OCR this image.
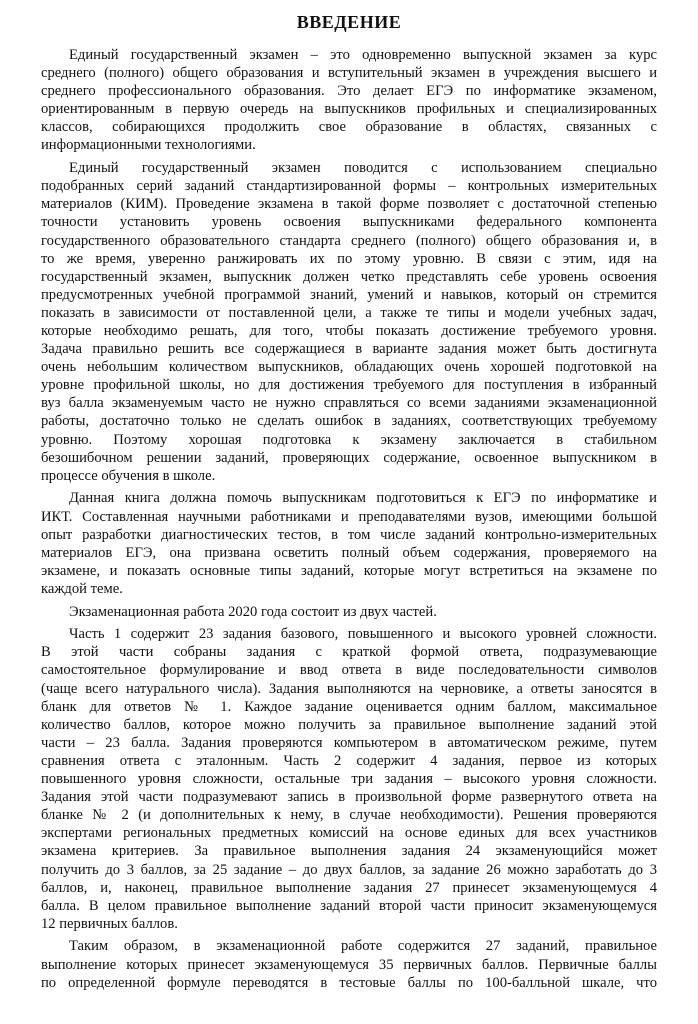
ВВЕДЕНИЕ
Единый государственный экзамен – это одновременно выпускной экзамен за курс
среднего (полного) общего образования и вступительный экзамен в учреждения высшего и
среднего профессионального образования. Это делает ЕГЭ по информатике экзаменом,
ориентированным в первую очередь на выпускников профильных и специализированных
классов, собирающихся продолжить свое образование в областях, связанных с
информационными технологиями.
Единый государственный экзамен поводится с использованием специально
подобранных серий заданий стандартизированной формы – контрольных измерительных
материалов (КИМ). Проведение экзамена в такой форме позволяет с достаточной степенью
точности установить уровень освоения выпускниками федерального компонента
государственного образовательного стандарта среднего (полного) общего образования и, в
то же время, уверенно ранжировать их по этому уровню. В связи с этим, идя на
государственный экзамен, выпускник должен четко представлять себе уровень освоения
предусмотренных учебной программой знаний, умений и навыков, который он стремится
показать в зависимости от поставленной цели, а также те типы и модели учебных задач,
которые необходимо решать, для того, чтобы показать достижение требуемого уровня.
Задача правильно решить все содержащиеся в варианте задания может быть достигнута
очень небольшим количеством выпускников, обладающих очень хорошей подготовкой на
уровне профильной школы, но для достижения требуемого для поступления в избранный
вуз балла экзаменуемым часто не нужно справляться со всеми заданиями экзаменационной
работы, достаточно только не сделать ошибок в заданиях, соответствующих требуемому
уровню. Поэтому хорошая подготовка к экзамену заключается в стабильном
безошибочном решении заданий, проверяющих содержание, освоенное выпускником в
процессе обучения в школе.
Данная книга должна помочь выпускникам подготовиться к ЕГЭ по информатике и
ИКТ. Составленная научными работниками и преподавателями вузов, имеющими большой
опыт разработки диагностических тестов, в том числе заданий контрольно-измерительных
материалов ЕГЭ, она призвана осветить полный объем содержания, проверяемого на
экзамене, и показать основные типы заданий, которые могут встретиться на экзамене по
каждой теме.
Экзаменационная работа 2020 года состоит из двух частей.
Часть 1 содержит 23 задания базового, повышенного и высокого уровней сложности.
В этой части собраны задания с краткой формой ответа, подразумевающие
самостоятельное формулирование и ввод ответа в виде последовательности символов
(чаще всего натурального числа). Задания выполняются на черновике, а ответы заносятся в
бланк для ответов № 1. Каждое задание оценивается одним баллом, максимальное
количество баллов, которое можно получить за правильное выполнение заданий этой
части – 23 балла. Задания проверяются компьютером в автоматическом режиме, путем
сравнения ответа с эталонным. Часть 2 содержит 4 задания, первое из которых
повышенного уровня сложности, остальные три задания – высокого уровня сложности.
Задания этой части подразумевают запись в произвольной форме развернутого ответа на
бланке № 2 (и дополнительных к нему, в случае необходимости). Решения проверяются
экспертами региональных предметных комиссий на основе единых для всех участников
экзамена критериев. За правильное выполнения задания 24 экзаменующийся может
получить до 3 баллов, за 25 задание – до двух баллов, за задание 26 можно заработать до 3
баллов, и, наконец, правильное выполнение задания 27 принесет экзаменующемуся 4
балла. В целом правильное выполнение заданий второй части приносит экзаменующемуся
12 первичных баллов.
Таким образом, в экзаменационной работе содержится 27 заданий, правильное
выполнение которых принесет экзаменующемуся 35 первичных баллов. Первичные баллы
по определенной формуле переводятся в тестовые баллы по 100-балльной шкале, что
